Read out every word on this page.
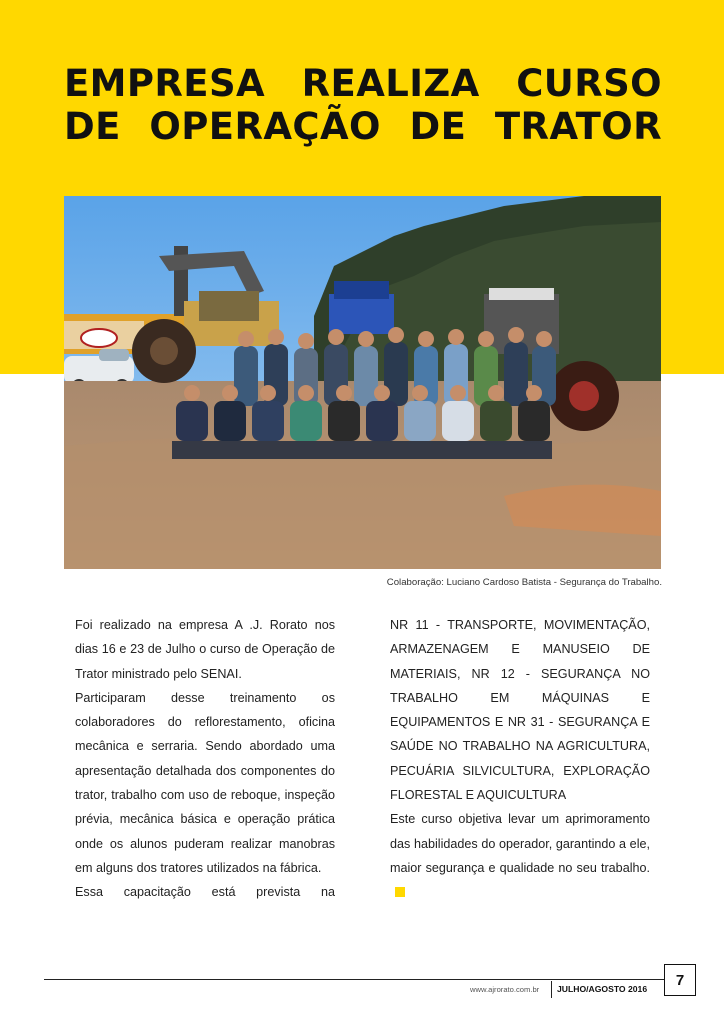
EMPRESA REALIZA CURSO
DE OPERAÇÃO DE TRATOR
Colaboração: Luciano Cardoso Batista - Segurança do Trabalho.

Foi realizado na empresa A .J. Rorato nos dias 16 e 23 de Julho o curso de Operação de Trator ministrado pelo SENAI.

Participaram desse treinamento os colaboradores do reflorestamento, oficina mecânica e serraria. Sendo abordado uma apresentação detalhada dos componentes do trator, trabalho com uso de reboque, inspeção prévia, mecânica básica e operação prática onde os alunos puderam realizar manobras em alguns dos tratores utilizados na fábrica.

Essa capacitação está prevista na

NR 11 - TRANSPORTE, MOVIMENTAÇÃO, ARMAZENAGEM E MANUSEIO DE MATERIAIS, NR 12 - SEGURANÇA NO TRABALHO EM MÁQUINAS E EQUIPAMENTOS E NR 31 - SEGURANÇA E SAÚDE NO TRABALHO NA AGRICULTURA, PECUÁRIA SILVICULTURA, EXPLORAÇÃO FLORESTAL E AQUICULTURA

Este curso objetiva levar um aprimoramento das habilidades do operador, garantindo a ele, maior segurança e qualidade no seu trabalho.

www.ajrorato.com.br JULHO/AGOSTO 2016
7
